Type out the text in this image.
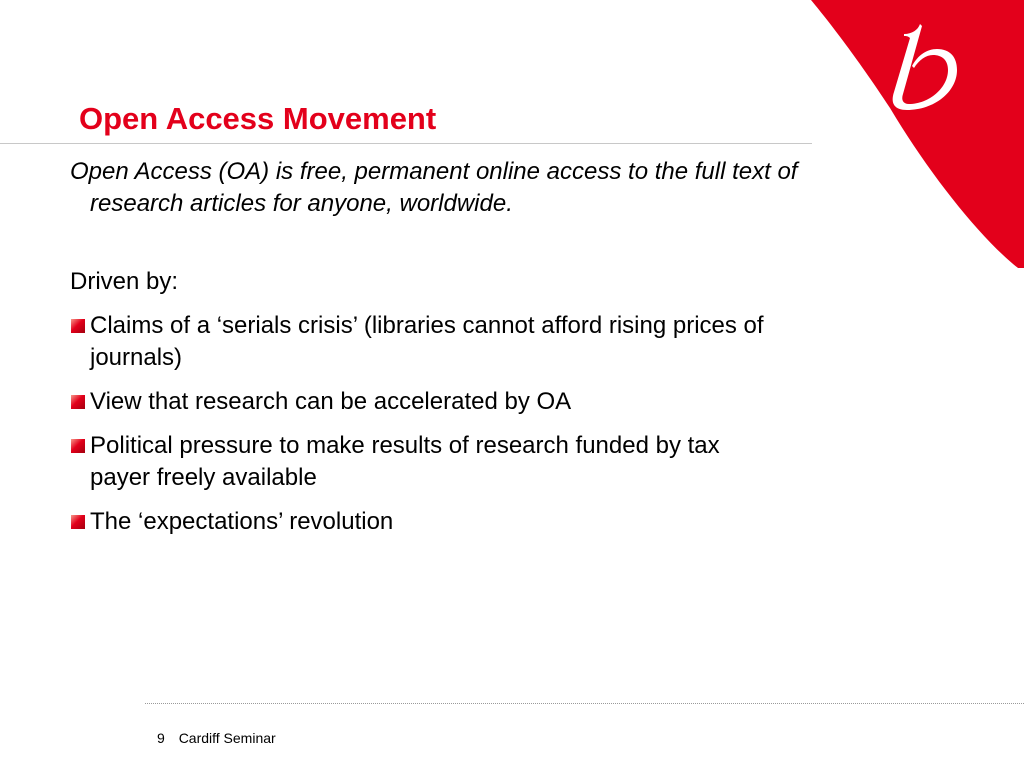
Open Access Movement
Open Access (OA) is free, permanent online access to the full text of research articles for anyone, worldwide.
Driven by:
Claims of a ‘serials crisis’ (libraries cannot afford rising prices of journals)
View that research can be accelerated by OA
Political pressure to make results of research funded by tax payer freely available
The ‘expectations’ revolution
9 Cardiff Seminar
